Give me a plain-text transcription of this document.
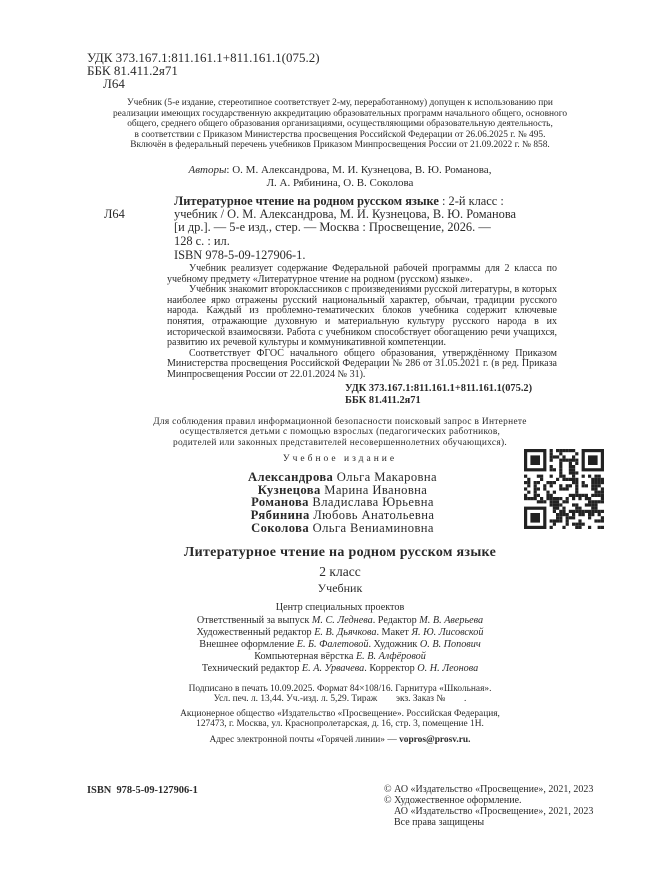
УДК 373.167.1:811.161.1+811.161.1(075.2)
ББК 81.411.2я71
Л64
Учебник (5-е издание, стереотипное соответствует 2-му, переработанному) допущен к использованию при
реализации имеющих государственную аккредитацию образовательных программ начального общего, основного
общего, среднего общего образования организациями, осуществляющими образовательную деятельность,
в соответствии с Приказом Министерства просвещения Российской Федерации от 26.06.2025 г. № 495.
Включён в федеральный перечень учебников Приказом Минпросвещения России от 21.09.2022 г. № 858.
Авторы: О. М. Александрова, М. И. Кузнецова, В. Ю. Романова,
Л. А. Рябинина, О. В. Соколова
Литературное чтение на родном русском языке : 2-й класс :
Л64	учебник / О. М. Александрова, М. И. Кузнецова, В. Ю. Романова
[и др.]. — 5-е изд., стер. — Москва : Просвещение, 2026. —
128 с. : ил.
ISBN 978-5-09-127906-1.

Учебник реализует содержание Федеральной рабочей программы для 2 класса по учебному предмету «Литературное чтение на родном (русском) языке».

Учебник знакомит второклассников с произведениями русской литературы, в которых наиболее ярко отражены русский национальный характер, обычаи, традиции русского народа. Каждый из проблемно-тематических блоков учебника содержит ключевые понятия, отражающие духовную и материальную культуру русского народа в их исторической взаимосвязи. Работа с учебником способствует обогащению речи учащихся, развитию их речевой культуры и коммуникативной компетенции.

Соответствует ФГОС начального общего образования, утверждённому Приказом Министерства просвещения Российской Федерации № 286 от 31.05.2021 г. (в ред. Приказа Минпросвещения России от 22.01.2024 № 31).

УДК 373.167.1:811.161.1+811.161.1(075.2)
ББК 81.411.2я71
Для соблюдения правил информационной безопасности поисковый запрос в Интернете
осуществляется детьми с помощью взрослых (педагогических работников,
родителей или законных представителей несовершеннолетних обучающихся).
Учебное издание
Александрова Ольга Макаровна
Кузнецова Марина Ивановна
Романова Владислава Юрьевна
Рябинина Любовь Анатольевна
Соколова Ольга Вениаминовна
Литературное чтение на родном русском языке
2 класс
Учебник
Центр специальных проектов
Ответственный за выпуск М. С. Леднева. Редактор М. В. Аверьева
Художественный редактор Е. В. Дьячкова. Макет Я. Ю. Лисовской
Внешнее оформление Е. Б. Фалетовой. Художник О. В. Попович
Компьютерная вёрстка Е. В. Алфёровой
Технический редактор Е. А. Урвачева. Корректор О. Н. Леонова
Подписано в печать 10.09.2025. Формат 84×108/16. Гарнитура «Школьная».
Усл. печ. л. 13,44. Уч.-изд. л. 5,29. Тираж        экз. Заказ №        .
Акционерное общество «Издательство «Просвещение». Российская Федерация,
127473, г. Москва, ул. Краснопролетарская, д. 16, стр. 3, помещение 1Н.
Адрес электронной почты «Горячей линии» — vopros@prosv.ru.
ISBN  978-5-09-127906-1	© АО «Издательство «Просвещение», 2021, 2023
© Художественное оформление.
АО «Издательство «Просвещение», 2021, 2023
Все права защищены
